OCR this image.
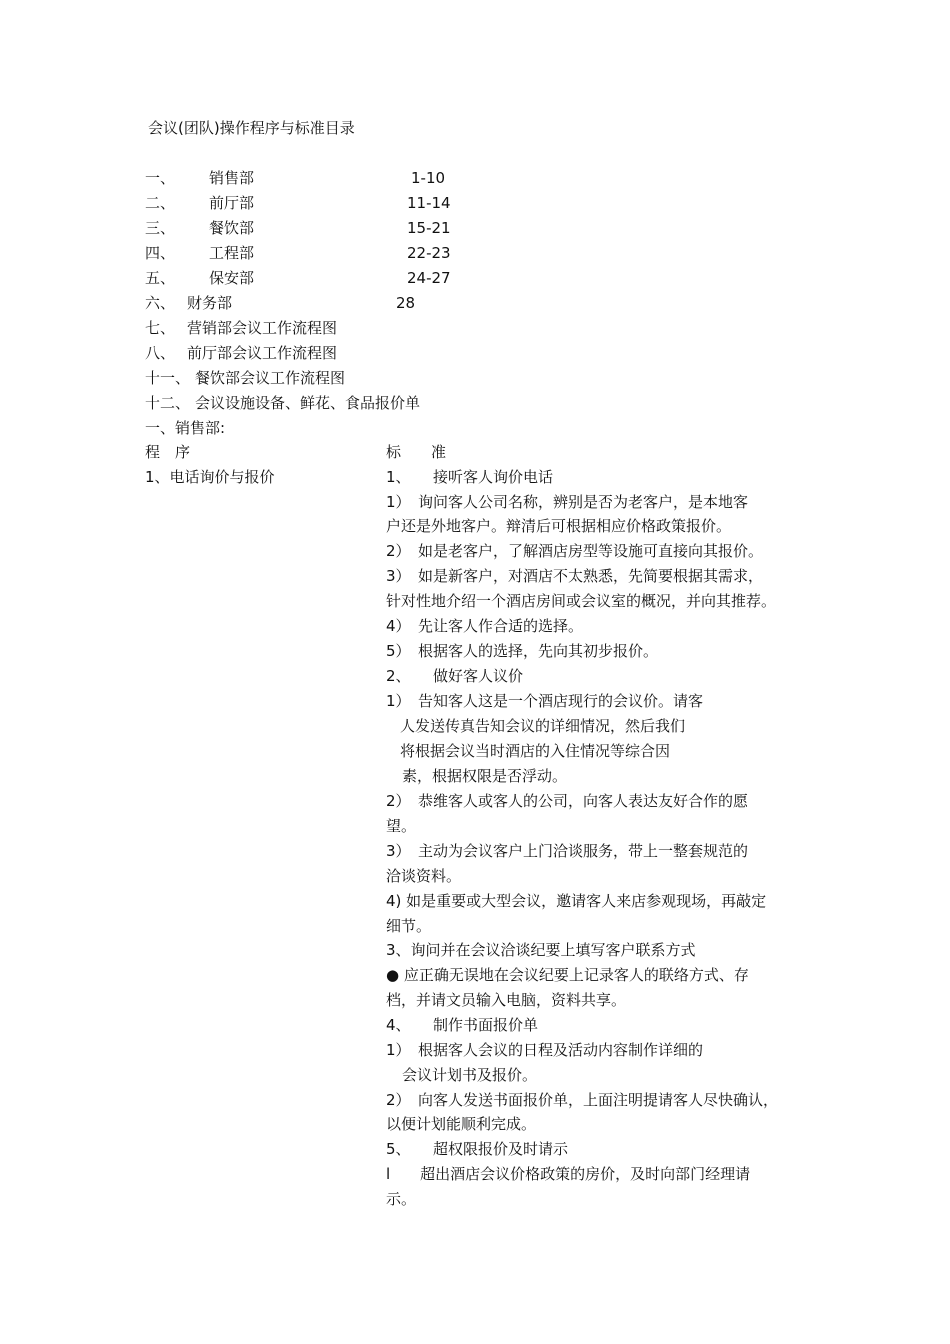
会议(团队)操作程序与标准目录
一、 销售部	1-10
二、 前厅部	11-14
三、 餐饮部	15-21
四、 工程部	22-23
五、 保安部	24-27
六、 财务部	28
七、 营销部会议工作流程图
八、 前厅部会议工作流程图
十一、 餐饮部会议工作流程图
十二、 会议设施设备、鲜花、食品报价单
一、销售部:
程　序	标　　准
1、电话询价与报价	1、　　接听客人询价电话
1）　询问客人公司名称，辨别是否为老客户，是本地客
户还是外地客户。辩清后可根据相应价格政策报价。
2）　如是老客户，了解酒店房型等设施可直接向其报价。
3）　如是新客户，对酒店不太熟悉，先简要根据其需求，
针对性地介绍一个酒店房间或会议室的概况，并向其推荐。
4）　先让客人作合适的选择。
5）　根据客人的选择，先向其初步报价。
2、　　做好客人议价
1）　告知客人这是一个酒店现行的会议价。请客
人发送传真告知会议的详细情况，然后我们
将根据会议当时酒店的入住情况等综合因
素，根据权限是否浮动。
2）　恭维客人或客人的公司，向客人表达友好合作的愿
望。
3）　主动为会议客户上门洽谈服务，带上一整套规范的
洽谈资料。
4) 如是重要或大型会议，邀请客人来店参观现场，再敲定
细节。
3、询问并在会议洽谈纪要上填写客户联系方式
● 应正确无误地在会议纪要上记录客人的联络方式、存
档，并请文员输入电脑，资料共享。
4、　　制作书面报价单
1）　根据客人会议的日程及活动内容制作详细的
会议计划书及报价。
2）　向客人发送书面报价单，上面注明提请客人尽快确认，
以便计划能顺利完成。
5、　　超权限报价及时请示
l　　超出酒店会议价格政策的房价，及时向部门经理请
示。
